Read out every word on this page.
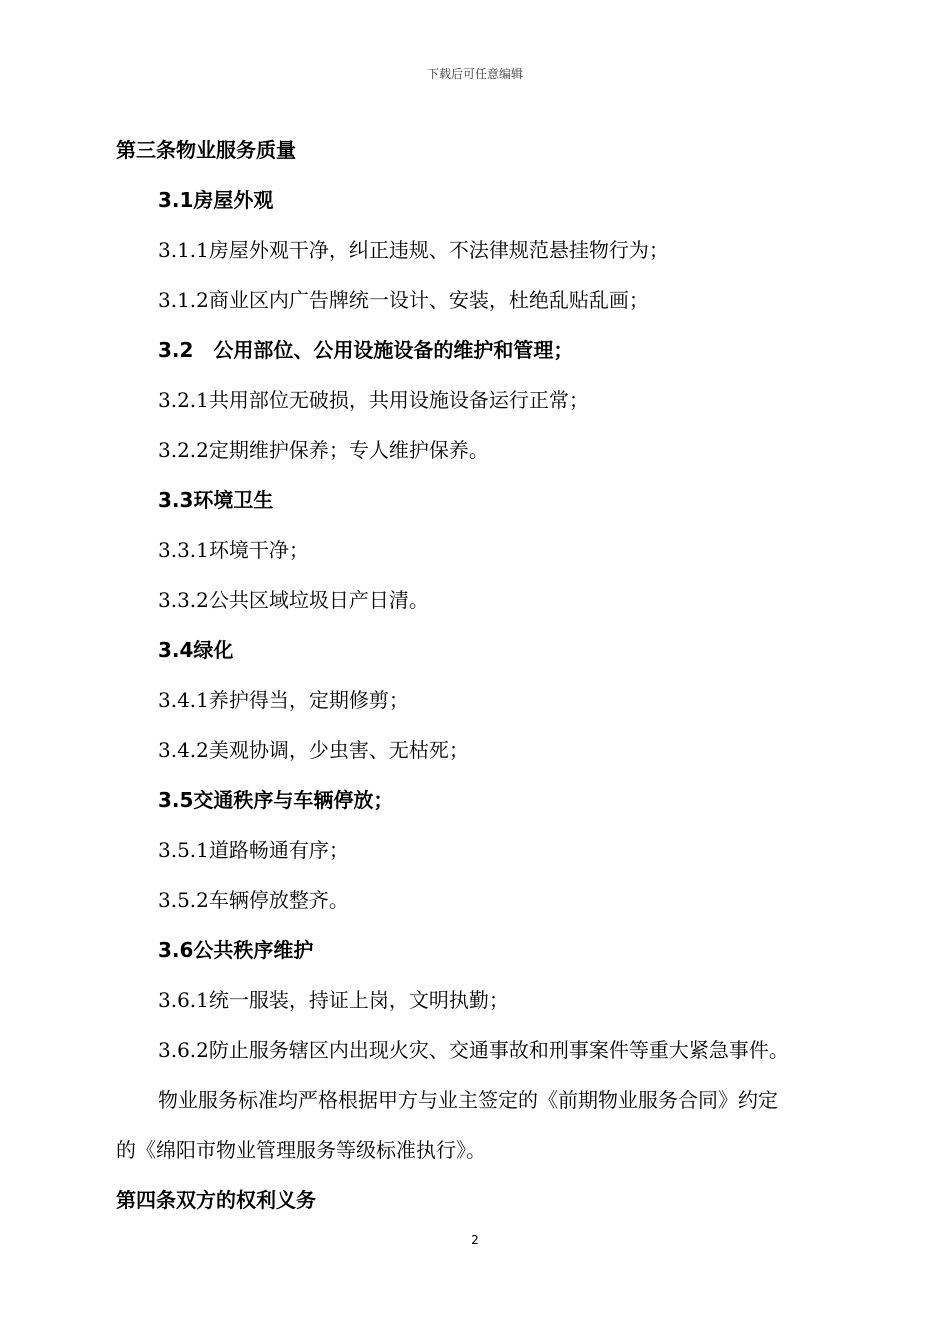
下载后可任意编辑
第三条物业服务质量
3.1房屋外观
3.1.1房屋外观干净，纠正违规、不法律规范悬挂物行为；
3.1.2商业区内广告牌统一设计、安装，杜绝乱贴乱画；
3.2　公用部位、公用设施设备的维护和管理；
3.2.1共用部位无破损，共用设施设备运行正常；
3.2.2定期维护保养；专人维护保养。
3.3环境卫生
3.3.1环境干净；
3.3.2公共区域垃圾日产日清。
3.4绿化
3.4.1养护得当，定期修剪；
3.4.2美观协调，少虫害、无枯死；
3.5交通秩序与车辆停放；
3.5.1道路畅通有序；
3.5.2车辆停放整齐。
3.6公共秩序维护
3.6.1统一服装，持证上岗，文明执勤；
3.6.2防止服务辖区内出现火灾、交通事故和刑事案件等重大紧急事件。
物业服务标准均严格根据甲方与业主签定的《前期物业服务合同》约定
的《绵阳市物业管理服务等级标准执行》。
第四条双方的权利义务
2
